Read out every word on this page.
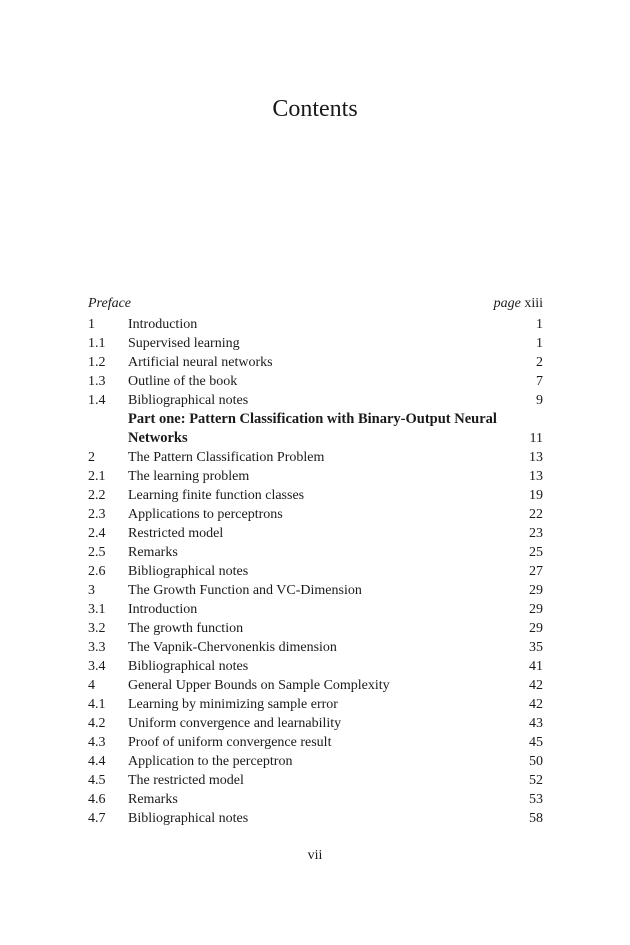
Contents
Preface	page xiii
1 Introduction	1
1.1 Supervised learning	1
1.2 Artificial neural networks	2
1.3 Outline of the book	7
1.4 Bibliographical notes	9
Part one: Pattern Classification with Binary-Output Neural Networks	11
2 The Pattern Classification Problem	13
2.1 The learning problem	13
2.2 Learning finite function classes	19
2.3 Applications to perceptrons	22
2.4 Restricted model	23
2.5 Remarks	25
2.6 Bibliographical notes	27
3 The Growth Function and VC-Dimension	29
3.1 Introduction	29
3.2 The growth function	29
3.3 The Vapnik-Chervonenkis dimension	35
3.4 Bibliographical notes	41
4 General Upper Bounds on Sample Complexity	42
4.1 Learning by minimizing sample error	42
4.2 Uniform convergence and learnability	43
4.3 Proof of uniform convergence result	45
4.4 Application to the perceptron	50
4.5 The restricted model	52
4.6 Remarks	53
4.7 Bibliographical notes	58
vii
